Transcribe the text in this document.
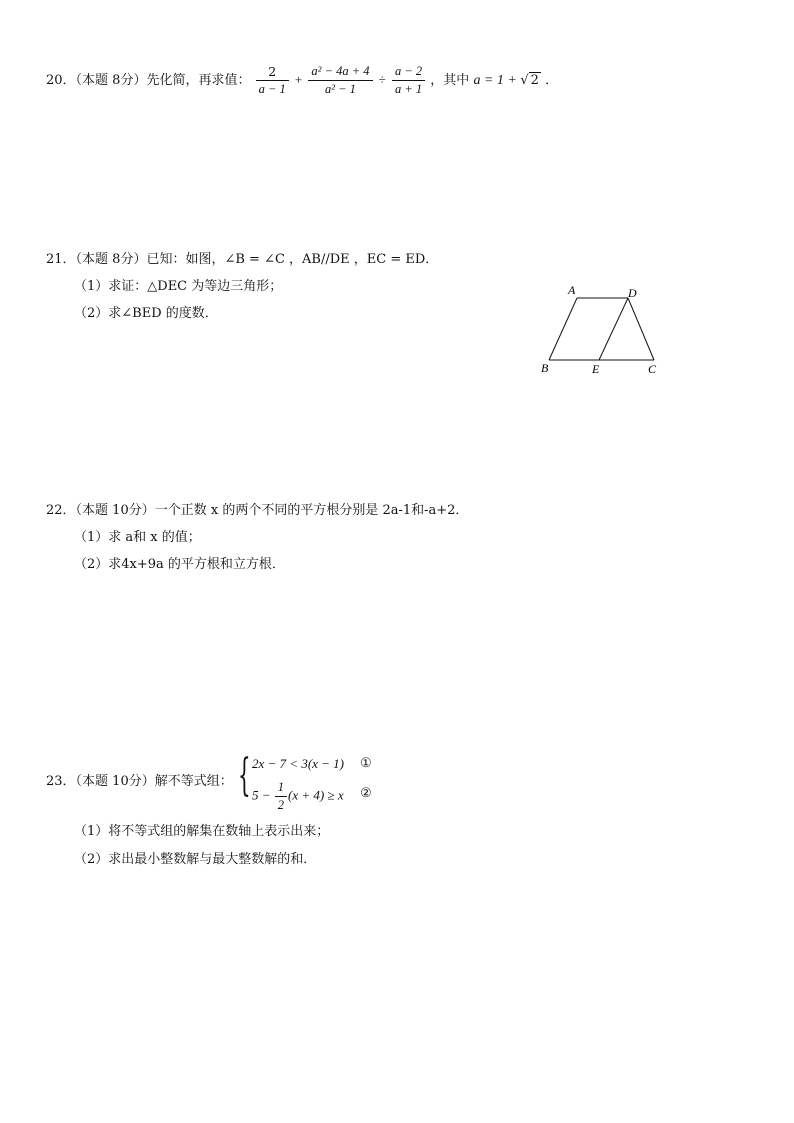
20．（本题 8分）先化简，再求值： $\frac{2}{a - 1} + \frac{\text{a² − 4a + 4}}{\text{a² − 1}} \div \frac{a - 2}{a + 1}$ ，其中 a = 1 + √ 2 ．
21．（本题 8分）已知：如图，∠B = ∠C ，AB//DE ，EC = ED．
（1）求证：△DEC 为等边三角形；
（2）求∠BED 的度数．
A	D
B	E	C
22．（本题 10分）一个正数 x 的两个不同的平方根分别是 2a-1和-a+2．
（1）求 a和 x 的值；
（2）求4x+9a 的平方根和立方根．
23．（本题 10分）解不等式组： { 2x − 7 < 3(x − 1) ①
$5 - \frac{1}{2} (x + 4) \ge x$ ②
（1）将不等式组的解集在数轴上表示出来；
（2）求出最小整数解与最大整数解的和．
